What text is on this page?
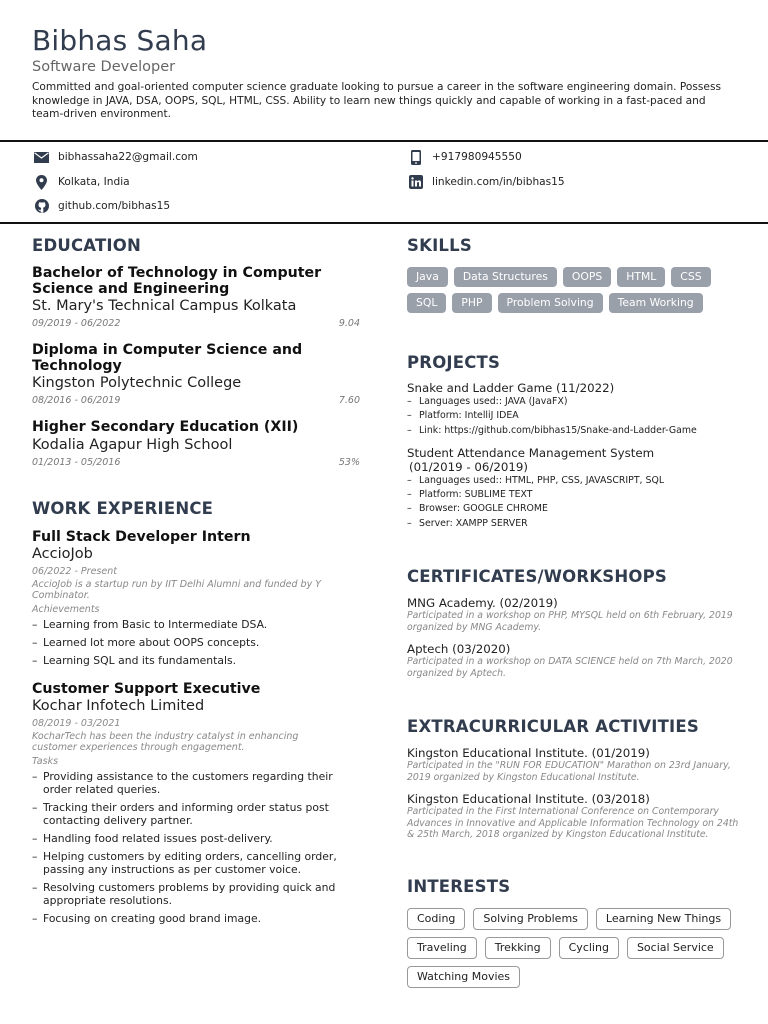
Bibhas Saha
Software Developer
Committed and goal-oriented computer science graduate looking to pursue a career in the software engineering domain. Possess knowledge in JAVA, DSA, OOPS, SQL, HTML, CSS. Ability to learn new things quickly and capable of working in a fast-paced and team-driven environment.
bibhassaha22@gmail.com	+917980945550
Kolkata, India	linkedin.com/in/bibhas15
github.com/bibhas15
EDUCATION
Bachelor of Technology in Computer Science and Engineering
St. Mary's Technical Campus Kolkata
09/2019 - 06/2022	9.04
Diploma in Computer Science and Technology
Kingston Polytechnic College
08/2016 - 06/2019	7.60
Higher Secondary Education (XII)
Kodalia Agapur High School
01/2013 - 05/2016	53%
WORK EXPERIENCE
Full Stack Developer Intern
AccioJob
06/2022 - Present
AccioJob is a startup run by IIT Delhi Alumni and funded by Y Combinator.
Achievements
– Learning from Basic to Intermediate DSA.
– Learned lot more about OOPS concepts.
– Learning SQL and its fundamentals.
Customer Support Executive
Kochar Infotech Limited
08/2019 - 03/2021
KocharTech has been the industry catalyst in enhancing customer experiences through engagement.
Tasks
– Providing assistance to the customers regarding their order related queries.
– Tracking their orders and informing order status post contacting delivery partner.
– Handling food related issues post-delivery.
– Helping customers by editing orders, cancelling order, passing any instructions as per customer voice.
– Resolving customers problems by providing quick and appropriate resolutions.
– Focusing on creating good brand image.
SKILLS
Java	Data Structures	OOPS	HTML	CSS
SQL	PHP	Problem Solving	Team Working
PROJECTS
Snake and Ladder Game (11/2022)
– Languages used:: JAVA (JavaFX)
– Platform: IntelliJ IDEA
– Link: https://github.com/bibhas15/Snake-and-Ladder-Game
Student Attendance Management System
(01/2019 - 06/2019)
– Languages used:: HTML, PHP, CSS, JAVASCRIPT, SQL
– Platform: SUBLIME TEXT
– Browser: GOOGLE CHROME
– Server: XAMPP SERVER
CERTIFICATES/WORKSHOPS
MNG Academy. (02/2019)
Participated in a workshop on PHP, MYSQL held on 6th February, 2019 organized by MNG Academy.
Aptech (03/2020)
Participated in a workshop on DATA SCIENCE held on 7th March, 2020 organized by Aptech.
EXTRACURRICULAR ACTIVITIES
Kingston Educational Institute. (01/2019)
Participated in the "RUN FOR EDUCATION" Marathon on 23rd January, 2019 organized by Kingston Educational Institute.
Kingston Educational Institute. (03/2018)
Participated in the First International Conference on Contemporary Advances in Innovative and Applicable Information Technology on 24th & 25th March, 2018 organized by Kingston Educational Institute.
INTERESTS
Coding	Solving Problems	Learning New Things
Traveling	Trekking	Cycling	Social Service
Watching Movies
